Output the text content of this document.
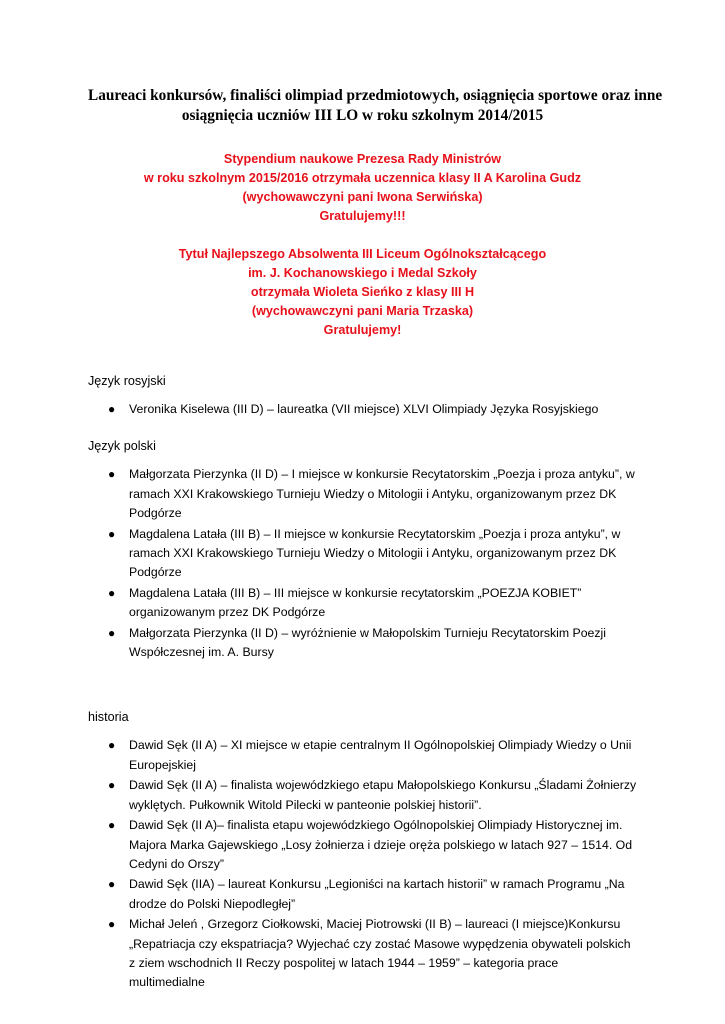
Laureaci konkursów, finaliści olimpiad przedmiotowych, osiągnięcia sportowe oraz inne
osiągnięcia uczniów III LO w roku szkolnym 2014/2015
Stypendium naukowe Prezesa Rady Ministrów
w roku szkolnym 2015/2016 otrzymała uczennica klasy II A Karolina Gudz
(wychowawczyni pani Iwona Serwińska)
Gratulujemy!!!
Tytuł Najlepszego Absolwenta III Liceum Ogólnokształcącego
im. J. Kochanowskiego i Medal Szkoły
otrzymała Wioleta Sieńko z klasy III H
(wychowawczyni pani Maria Trzaska)
Gratulujemy!

Język rosyjski

● Veronika Kiselewa (III D) – laureatka (VII miejsce) XLVI Olimpiady Języka Rosyjskiego

Język polski

● Małgorzata Pierzynka (II D) – I miejsce w konkursie Recytatorskim „Poezja i proza antyku”, w ramach XXI Krakowskiego Turnieju Wiedzy o Mitologii i Antyku, organizowanym przez DK Podgórze
● Magdalena Latała (III B) – II miejsce w konkursie Recytatorskim „Poezja i proza antyku”, w ramach XXI Krakowskiego Turnieju Wiedzy o Mitologii i Antyku, organizowanym przez DK Podgórze
● Magdalena Latała (III B) – III miejsce w konkursie recytatorskim „POEZJA KOBIET” organizowanym przez DK Podgórze
● Małgorzata Pierzynka (II D) – wyróżnienie w Małopolskim Turnieju Recytatorskim Poezji Współczesnej im. A. Bursy

historia

● Dawid Sęk (II A) – XI miejsce w etapie centralnym II Ogólnopolskiej Olimpiady Wiedzy o Unii Europejskiej
● Dawid Sęk (II A) – finalista wojewódzkiego etapu Małopolskiego Konkursu „Śladami Żołnierzy wyklętych. Pułkownik Witold Pilecki w panteonie polskiej historii”.
● Dawid Sęk (II A)– finalista etapu wojewódzkiego Ogólnopolskiej Olimpiady Historycznej im. Majora Marka Gajewskiego „Losy żołnierza i dzieje oręża polskiego w latach 927 – 1514. Od Cedyni do Orszy”
● Dawid Sęk (IIA) – laureat Konkursu „Legioniści na kartach historii” w ramach Programu „Na drodze do Polski Niepodległej”
● Michał Jeleń , Grzegorz Ciołkowski, Maciej Piotrowski (II B) – laureaci (I miejsce)Konkursu „Repatriacja czy ekspatriacja? Wyjechać czy zostać Masowe wypędzenia obywateli polskich z ziem wschodnich II Reczy pospolitej w latach 1944 – 1959” – kategoria prace multimedialne
